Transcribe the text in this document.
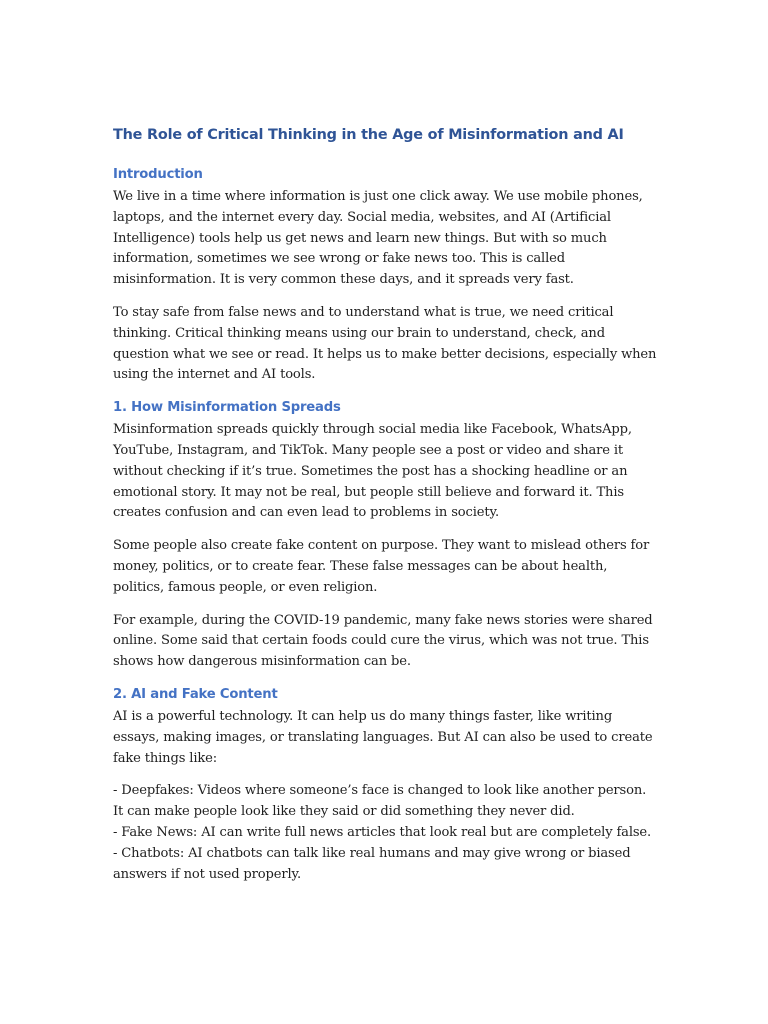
The Role of Critical Thinking in the Age of Misinformation and AI
Introduction

We live in a time where information is just one click away. We use mobile phones, laptops, and the internet every day. Social media, websites, and AI (Artificial Intelligence) tools help us get news and learn new things. But with so much information, sometimes we see wrong or fake news too. This is called misinformation. It is very common these days, and it spreads very fast.

To stay safe from false news and to understand what is true, we need critical thinking. Critical thinking means using our brain to understand, check, and question what we see or read. It helps us to make better decisions, especially when using the internet and AI tools.

1. How Misinformation Spreads

Misinformation spreads quickly through social media like Facebook, WhatsApp, YouTube, Instagram, and TikTok. Many people see a post or video and share it without checking if it’s true. Sometimes the post has a shocking headline or an emotional story. It may not be real, but people still believe and forward it. This creates confusion and can even lead to problems in society.

Some people also create fake content on purpose. They want to mislead others for money, politics, or to create fear. These false messages can be about health, politics, famous people, or even religion.

For example, during the COVID-19 pandemic, many fake news stories were shared online. Some said that certain foods could cure the virus, which was not true. This shows how dangerous misinformation can be.

2. AI and Fake Content

AI is a powerful technology. It can help us do many things faster, like writing essays, making images, or translating languages. But AI can also be used to create fake things like:

- Deepfakes: Videos where someone’s face is changed to look like another person. It can make people look like they said or did something they never did.

- Fake News: AI can write full news articles that look real but are completely false.

- Chatbots: AI chatbots can talk like real humans and may give wrong or biased answers if not used properly.
